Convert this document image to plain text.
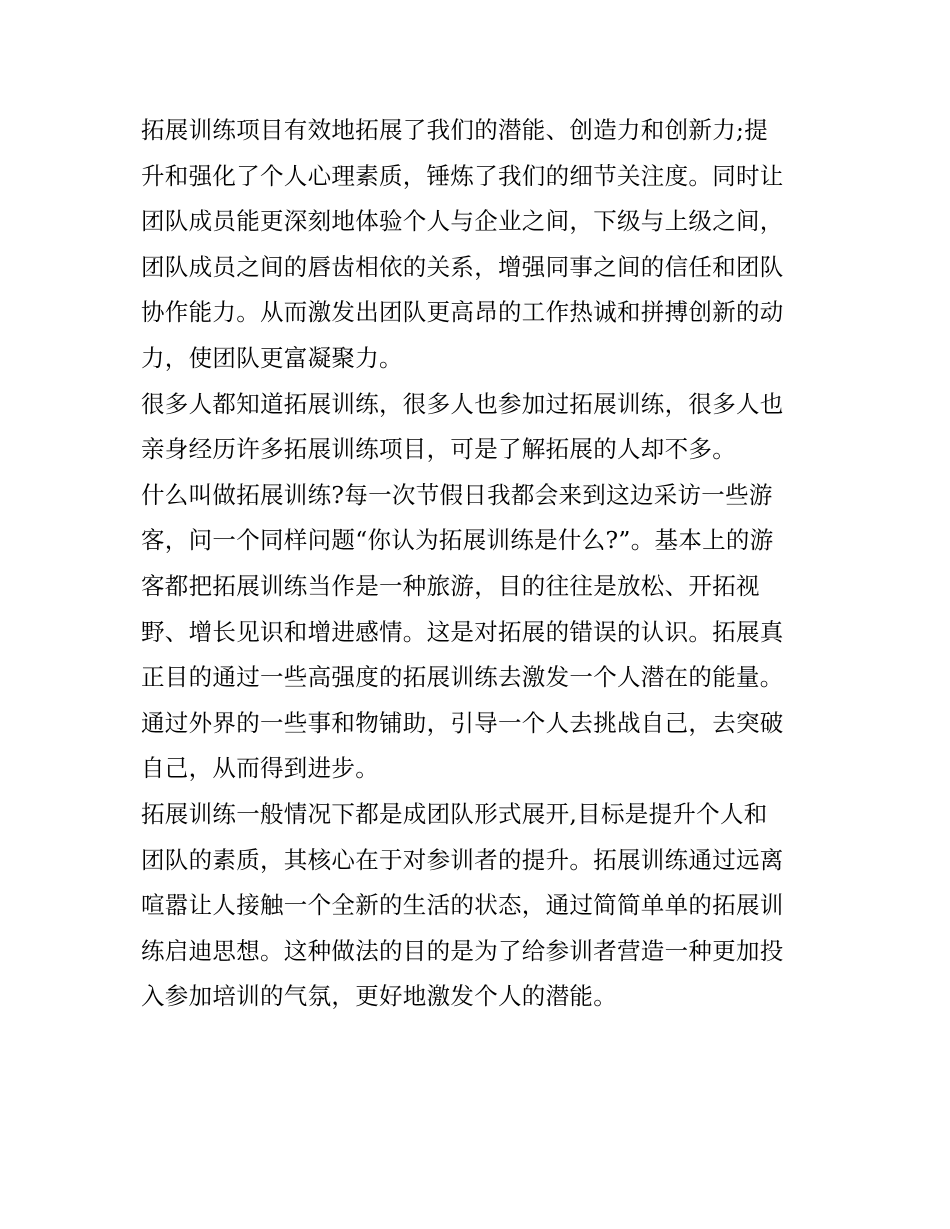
拓展训练项目有效地拓展了我们的潜能、创造力和创新力;提
升和强化了个人心理素质，锤炼了我们的细节关注度。同时让
团队成员能更深刻地体验个人与企业之间，下级与上级之间，
团队成员之间的唇齿相依的关系，增强同事之间的信任和团队
协作能力。从而激发出团队更高昂的工作热诚和拼搏创新的动
力，使团队更富凝聚力。
很多人都知道拓展训练，很多人也参加过拓展训练，很多人也
亲身经历许多拓展训练项目，可是了解拓展的人却不多。
什么叫做拓展训练?每一次节假日我都会来到这边采访一些游
客，问一个同样问题“你认为拓展训练是什么?”。基本上的游
客都把拓展训练当作是一种旅游，目的往往是放松、开拓视
野、增长见识和增进感情。这是对拓展的错误的认识。拓展真
正目的通过一些高强度的拓展训练去激发一个人潜在的能量。
通过外界的一些事和物铺助，引导一个人去挑战自己，去突破
自己，从而得到进步。
拓展训练一般情况下都是成团队形式展开,目标是提升个人和
团队的素质，其核心在于对参训者的提升。拓展训练通过远离
喧嚣让人接触一个全新的生活的状态，通过简简单单的拓展训
练启迪思想。这种做法的目的是为了给参训者营造一种更加投
入参加培训的气氛，更好地激发个人的潜能。
